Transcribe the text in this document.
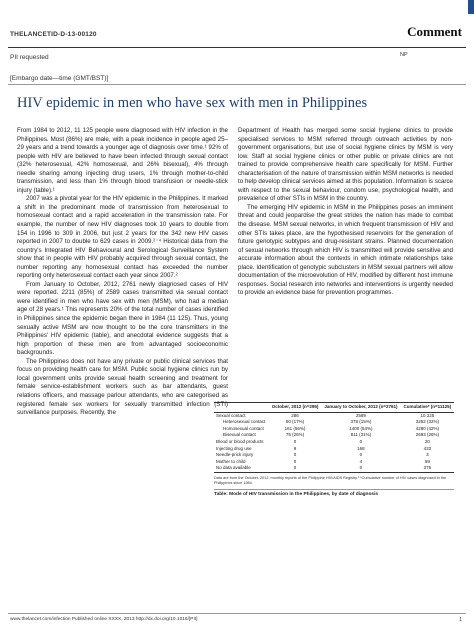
THELANCETID-D-13-00120	Comment
PII requested	NP
[Embargo date—time (GMT/BST)]
HIV epidemic in men who have sex with men in Philippines

From 1984 to 2012, 11 125 people were diagnosed with HIV infection in the Philippines. Most (86%) are male, with a peak incidence in people aged 25–29 years and a trend towards a younger age of diagnosis over time.¹ 92% of people with HIV are believed to have been infected through sexual contact (32% heterosexual, 42% homosexual, and 26% bisexual), 4% through needle sharing among injecting drug users, 1% through mother-to-child transmission, and less than 1% through blood transfusion or needle-stick injury (table).¹

2007 was a pivotal year for the HIV epidemic in the Philippines. It marked a shift in the predominant mode of transmission from heterosexual to homosexual contact and a rapid acceleration in the transmission rate. For example, the number of new HIV diagnoses took 10 years to double from 154 in 1996 to 309 in 2006, but just 2 years for the 342 new HIV cases reported in 2007 to double to 629 cases in 2009.²⁻⁴ Historical data from the country's Integrated HIV Behavioural and Serological Surveillance System show that in people with HIV probably acquired through sexual contact, the number reporting any homosexual contact has exceeded the number reporting only heterosexual contact each year since 2007.²

From January to October, 2012, 2761 newly diagnosed cases of HIV were reported. 2211 (85%) of 2589 cases transmitted via sexual contact were identified in men who have sex with men (MSM), who had a median age of 28 years.¹ This represents 20% of the total number of cases identified in Philippines since the epidemic began there in 1984 (11 125). Thus, young sexually active MSM are now thought to be the core transmitters in the Philippines' HIV epidemic (table), and anecdotal evidence suggests that a high proportion of these men are from advantaged socioeconomic backgrounds.

The Philippines does not have any private or public clinical services that focus on providing health care for MSM. Public social hygiene clinics run by local government units provide sexual health screening and treatment for female service-establishment workers such as bar attendants, guest relations officers, and massage parlour attendants, who are categorised as registered female sex workers for sexually transmitted infection (STI) surveillance purposes. Recently, the

Department of Health has merged some social hygiene clinics to provide specialised services to MSM referred through outreach activities by non-government organisations, but use of social hygiene clinics by MSM is very low. Staff at social hygiene clinics or other public or private clinics are not trained to provide comprehensive health care specifically for MSM. Further characterisation of the nature of transmission within MSM networks is needed to help develop clinical services aimed at this population. Information is scarce with respect to the sexual behaviour, condom use, psychological health, and prevalence of other STIs in MSM in the country.

The emerging HIV epidemic in MSM in the Philippines poses an imminent threat and could jeopardise the great strides the nation has made to combat the disease. MSM sexual networks, in which frequent transmission of HIV and other STIs takes place, are the hypothesised reservoirs for the generation of future genotypic subtypes and drug-resistant strains. Planned documentation of sexual networks through which HIV is transmitted will provide sensitive and accurate information about the contexts in which intimate relationships take place. Identification of genotypic subclusters in MSM sexual partners will allow documentation of the microevolution of HIV, modified by different host immune responses. Social research into networks and interventions is urgently needed to provide an evidence base for prevention programmes.

	October, 2012 (n=295)	January to October, 2012 (n=2761)	Cumulative* (n=11125)
Sexual contact	286	2589	10 225
Heterosexual contact	50 (17%)	378 (15%)	3252 (32%)
Homosexual contact	161 (56%)	1400 (54%)	4280 (42%)
Bisexual contact	75 (26%)	811 (31%)	2693 (26%)
Blood or blood products	0	0	20
Injecting drug use	9	168	433
Needle-prick injury	0	0	3
Mother to child	0	4	59
No data available	0	0	375
Data are from the October, 2012, monthly reports of the Philippine HIV/AIDS Registry.¹ *Cumulative number of HIV cases diagnosed in the Philippines since 1984.
Table: Mode of HIV transmission in the Philippines, by date of diagnosis
www.thelancet.com/infection Published online XXXX, 2013 http://dx.doi.org/10.1016/[PII]	1
